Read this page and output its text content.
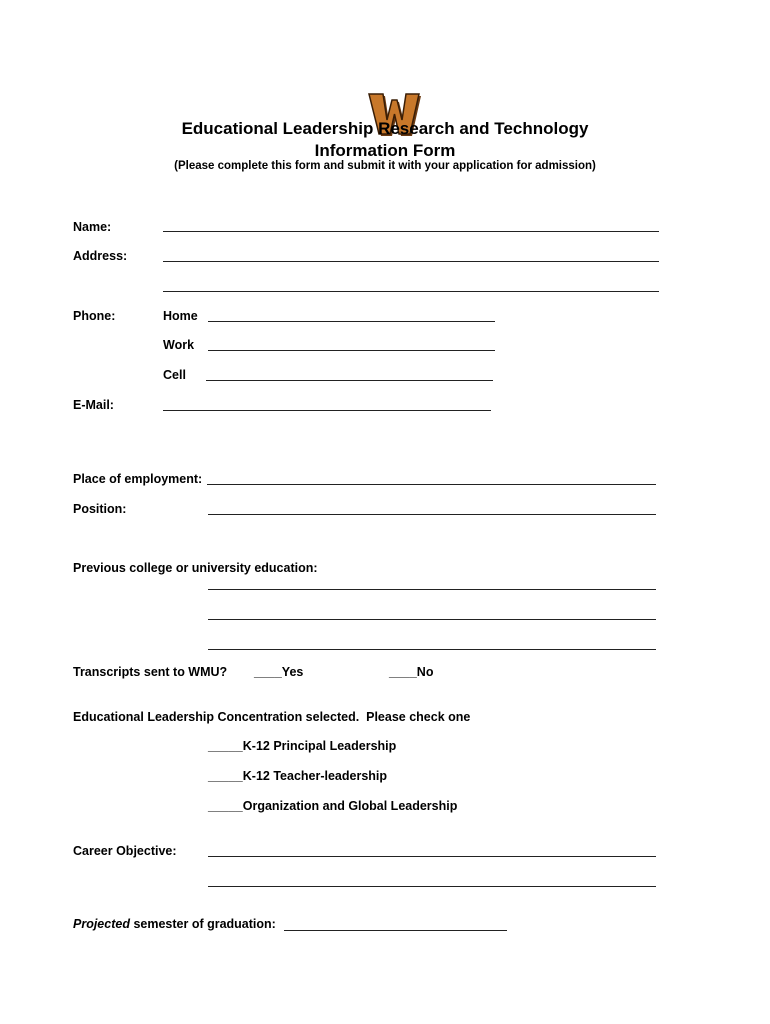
Educational Leadership Research and Technology
Information Form
(Please complete this form and submit it with your application for admission)
Name:
Address:
Phone:	Home
Work
Cell
E-Mail:
Place of employment:
Position:
Previous college or university education:
Transcripts sent to WMU? ____Yes	____No
Educational Leadership Concentration selected.  Please check one
_____K-12 Principal Leadership
_____K-12 Teacher-leadership
_____Organization and Global Leadership
Career Objective:
Projected semester of graduation:
